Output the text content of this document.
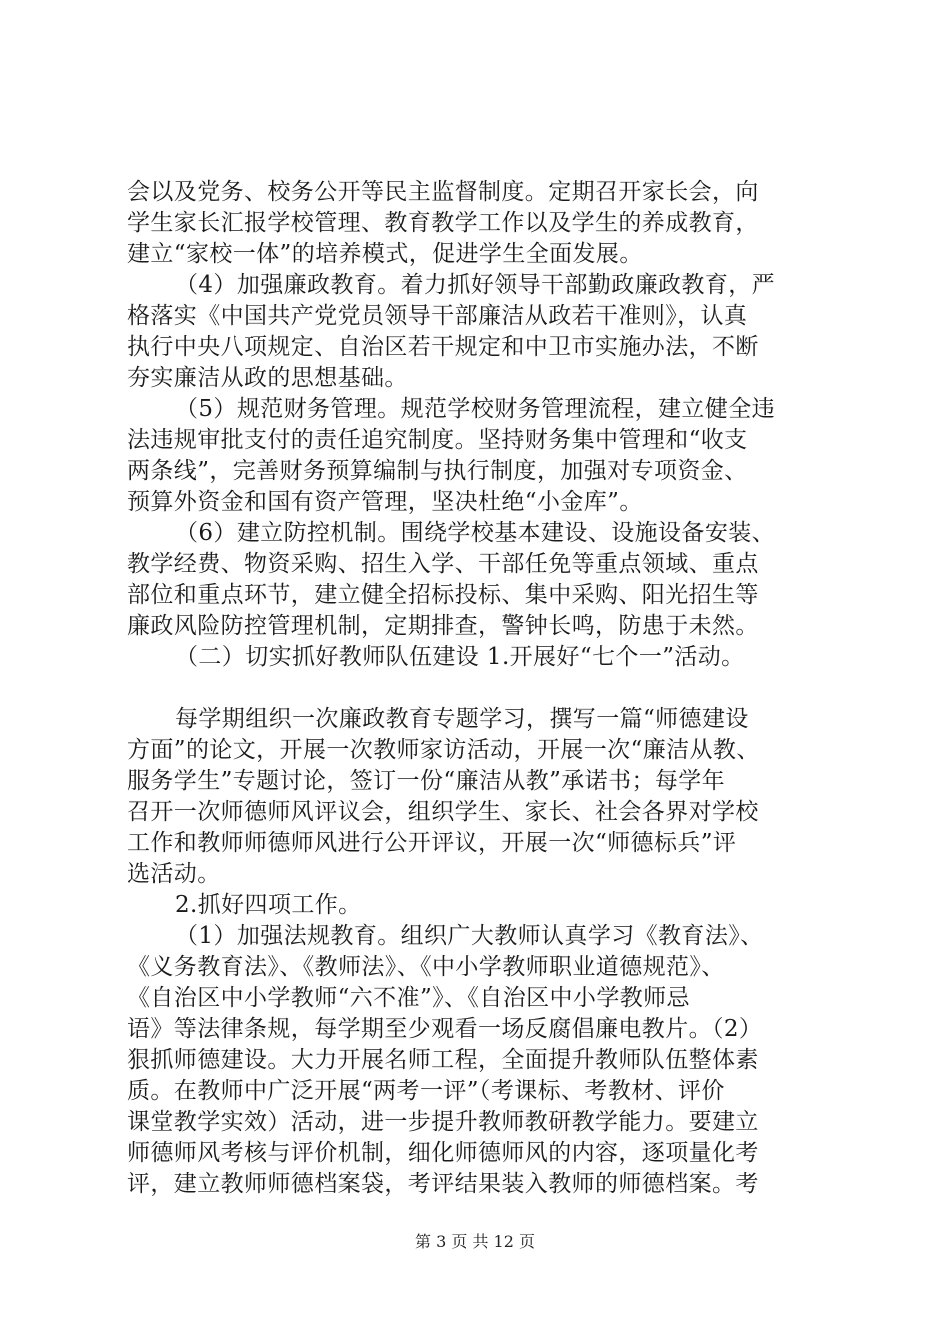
会以及党务、校务公开等民主监督制度。定期召开家长会，向
学生家长汇报学校管理、教育教学工作以及学生的养成教育，
建立“家校一体”的培养模式，促进学生全面发展。
（4）加强廉政教育。着力抓好领导干部勤政廉政教育，严
格落实《中国共产党党员领导干部廉洁从政若干准则》，认真
执行中央八项规定、自治区若干规定和中卫市实施办法，不断
夯实廉洁从政的思想基础。
（5）规范财务管理。规范学校财务管理流程，建立健全违
法违规审批支付的责任追究制度。坚持财务集中管理和“收支
两条线”，完善财务预算编制与执行制度，加强对专项资金、
预算外资金和国有资产管理，坚决杜绝“小金库”。
（6）建立防控机制。围绕学校基本建设、设施设备安装、
教学经费、物资采购、招生入学、干部任免等重点领域、重点
部位和重点环节，建立健全招标投标、集中采购、阳光招生等
廉政风险防控管理机制，定期排查，警钟长鸣，防患于未然。
（二）切实抓好教师队伍建设 1.开展好“七个一”活动。
每学期组织一次廉政教育专题学习，撰写一篇“师德建设
方面”的论文，开展一次教师家访活动，开展一次“廉洁从教、
服务学生”专题讨论，签订一份“廉洁从教”承诺书；每学年
召开一次师德师风评议会，组织学生、家长、社会各界对学校
工作和教师师德师风进行公开评议，开展一次“师德标兵”评
选活动。
2.抓好四项工作。
（1）加强法规教育。组织广大教师认真学习《教育法》、
《义务教育法》、《教师法》、《中小学教师职业道德规范》、
《自治区中小学教师“六不准”》、《自治区中小学教师忌
语》等法律条规，每学期至少观看一场反腐倡廉电教片。（2）
狠抓师德建设。大力开展名师工程，全面提升教师队伍整体素
质。在教师中广泛开展“两考一评”（考课标、考教材、评价
课堂教学实效）活动，进一步提升教师教研教学能力。要建立
师德师风考核与评价机制，细化师德师风的内容，逐项量化考
评，建立教师师德档案袋，考评结果装入教师的师德档案。考
第 3 页 共 12 页
